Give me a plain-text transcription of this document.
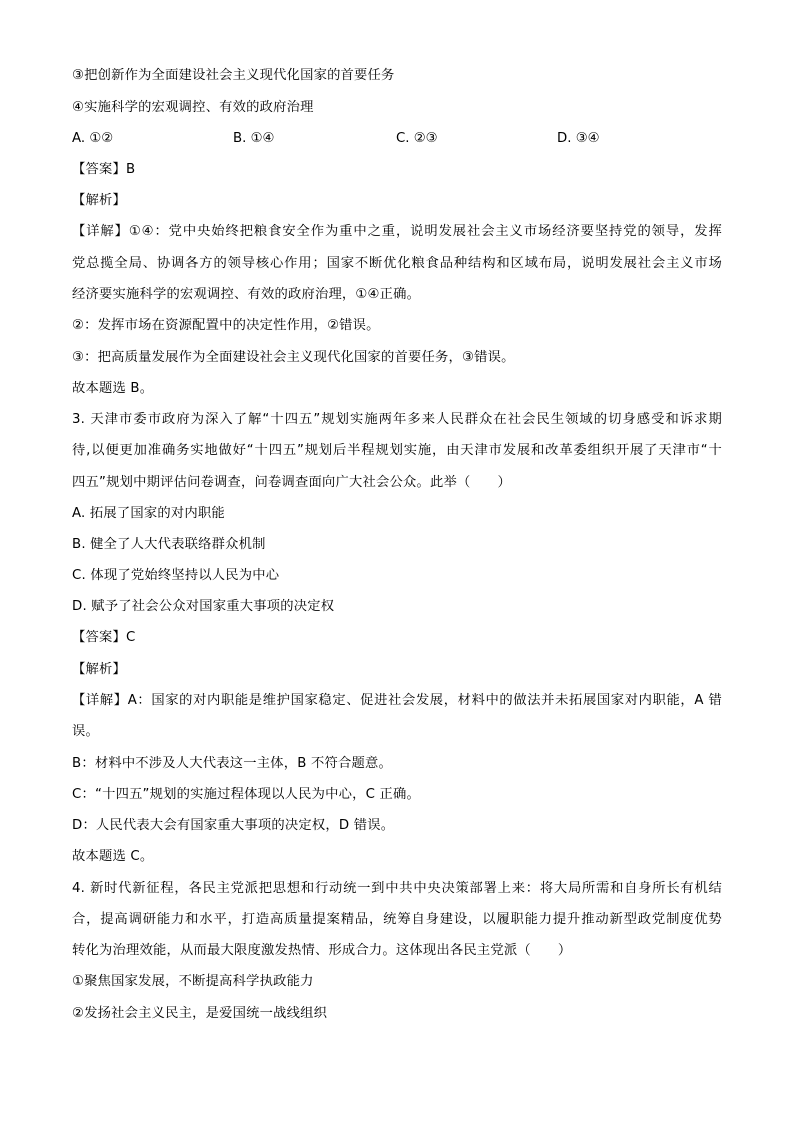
③把创新作为全面建设社会主义现代化国家的首要任务
④实施科学的宏观调控、有效的政府治理
A. ①②	B. ①④	C. ②③	D. ③④
【答案】B
【解析】
【详解】①④：党中央始终把粮食安全作为重中之重，说明发展社会主义市场经济要坚持党的领导，发挥
党总揽全局、协调各方的领导核心作用；国家不断优化粮食品种结构和区域布局，说明发展社会主义市场
经济要实施科学的宏观调控、有效的政府治理，①④正确。
②：发挥市场在资源配置中的决定性作用，②错误。
③：把高质量发展作为全面建设社会主义现代化国家的首要任务，③错误。
故本题选 B。
3. 天津市委市政府为深入了解“十四五”规划实施两年多来人民群众在社会民生领域的切身感受和诉求期
待,以便更加准确务实地做好“十四五”规划后半程规划实施，由天津市发展和改革委组织开展了天津市“十
四五”规划中期评估问卷调查，问卷调查面向广大社会公众。此举（　　）
A. 拓展了国家的对内职能
B. 健全了人大代表联络群众机制
C. 体现了党始终坚持以人民为中心
D. 赋予了社会公众对国家重大事项的决定权
【答案】C
【解析】
【详解】A：国家的对内职能是维护国家稳定、促进社会发展，材料中的做法并未拓展国家对内职能，A 错
误。
B：材料中不涉及人大代表这一主体，B 不符合题意。
C：“十四五”规划的实施过程体现以人民为中心，C 正确。
D：人民代表大会有国家重大事项的决定权，D 错误。
故本题选 C。
4. 新时代新征程，各民主党派把思想和行动统一到中共中央决策部署上来：将大局所需和自身所长有机结
合，提高调研能力和水平，打造高质量提案精品，统筹自身建设，以履职能力提升推动新型政党制度优势
转化为治理效能，从而最大限度激发热情、形成合力。这体现出各民主党派（　　）
①聚焦国家发展，不断提高科学执政能力
②发扬社会主义民主，是爱国统一战线组织
